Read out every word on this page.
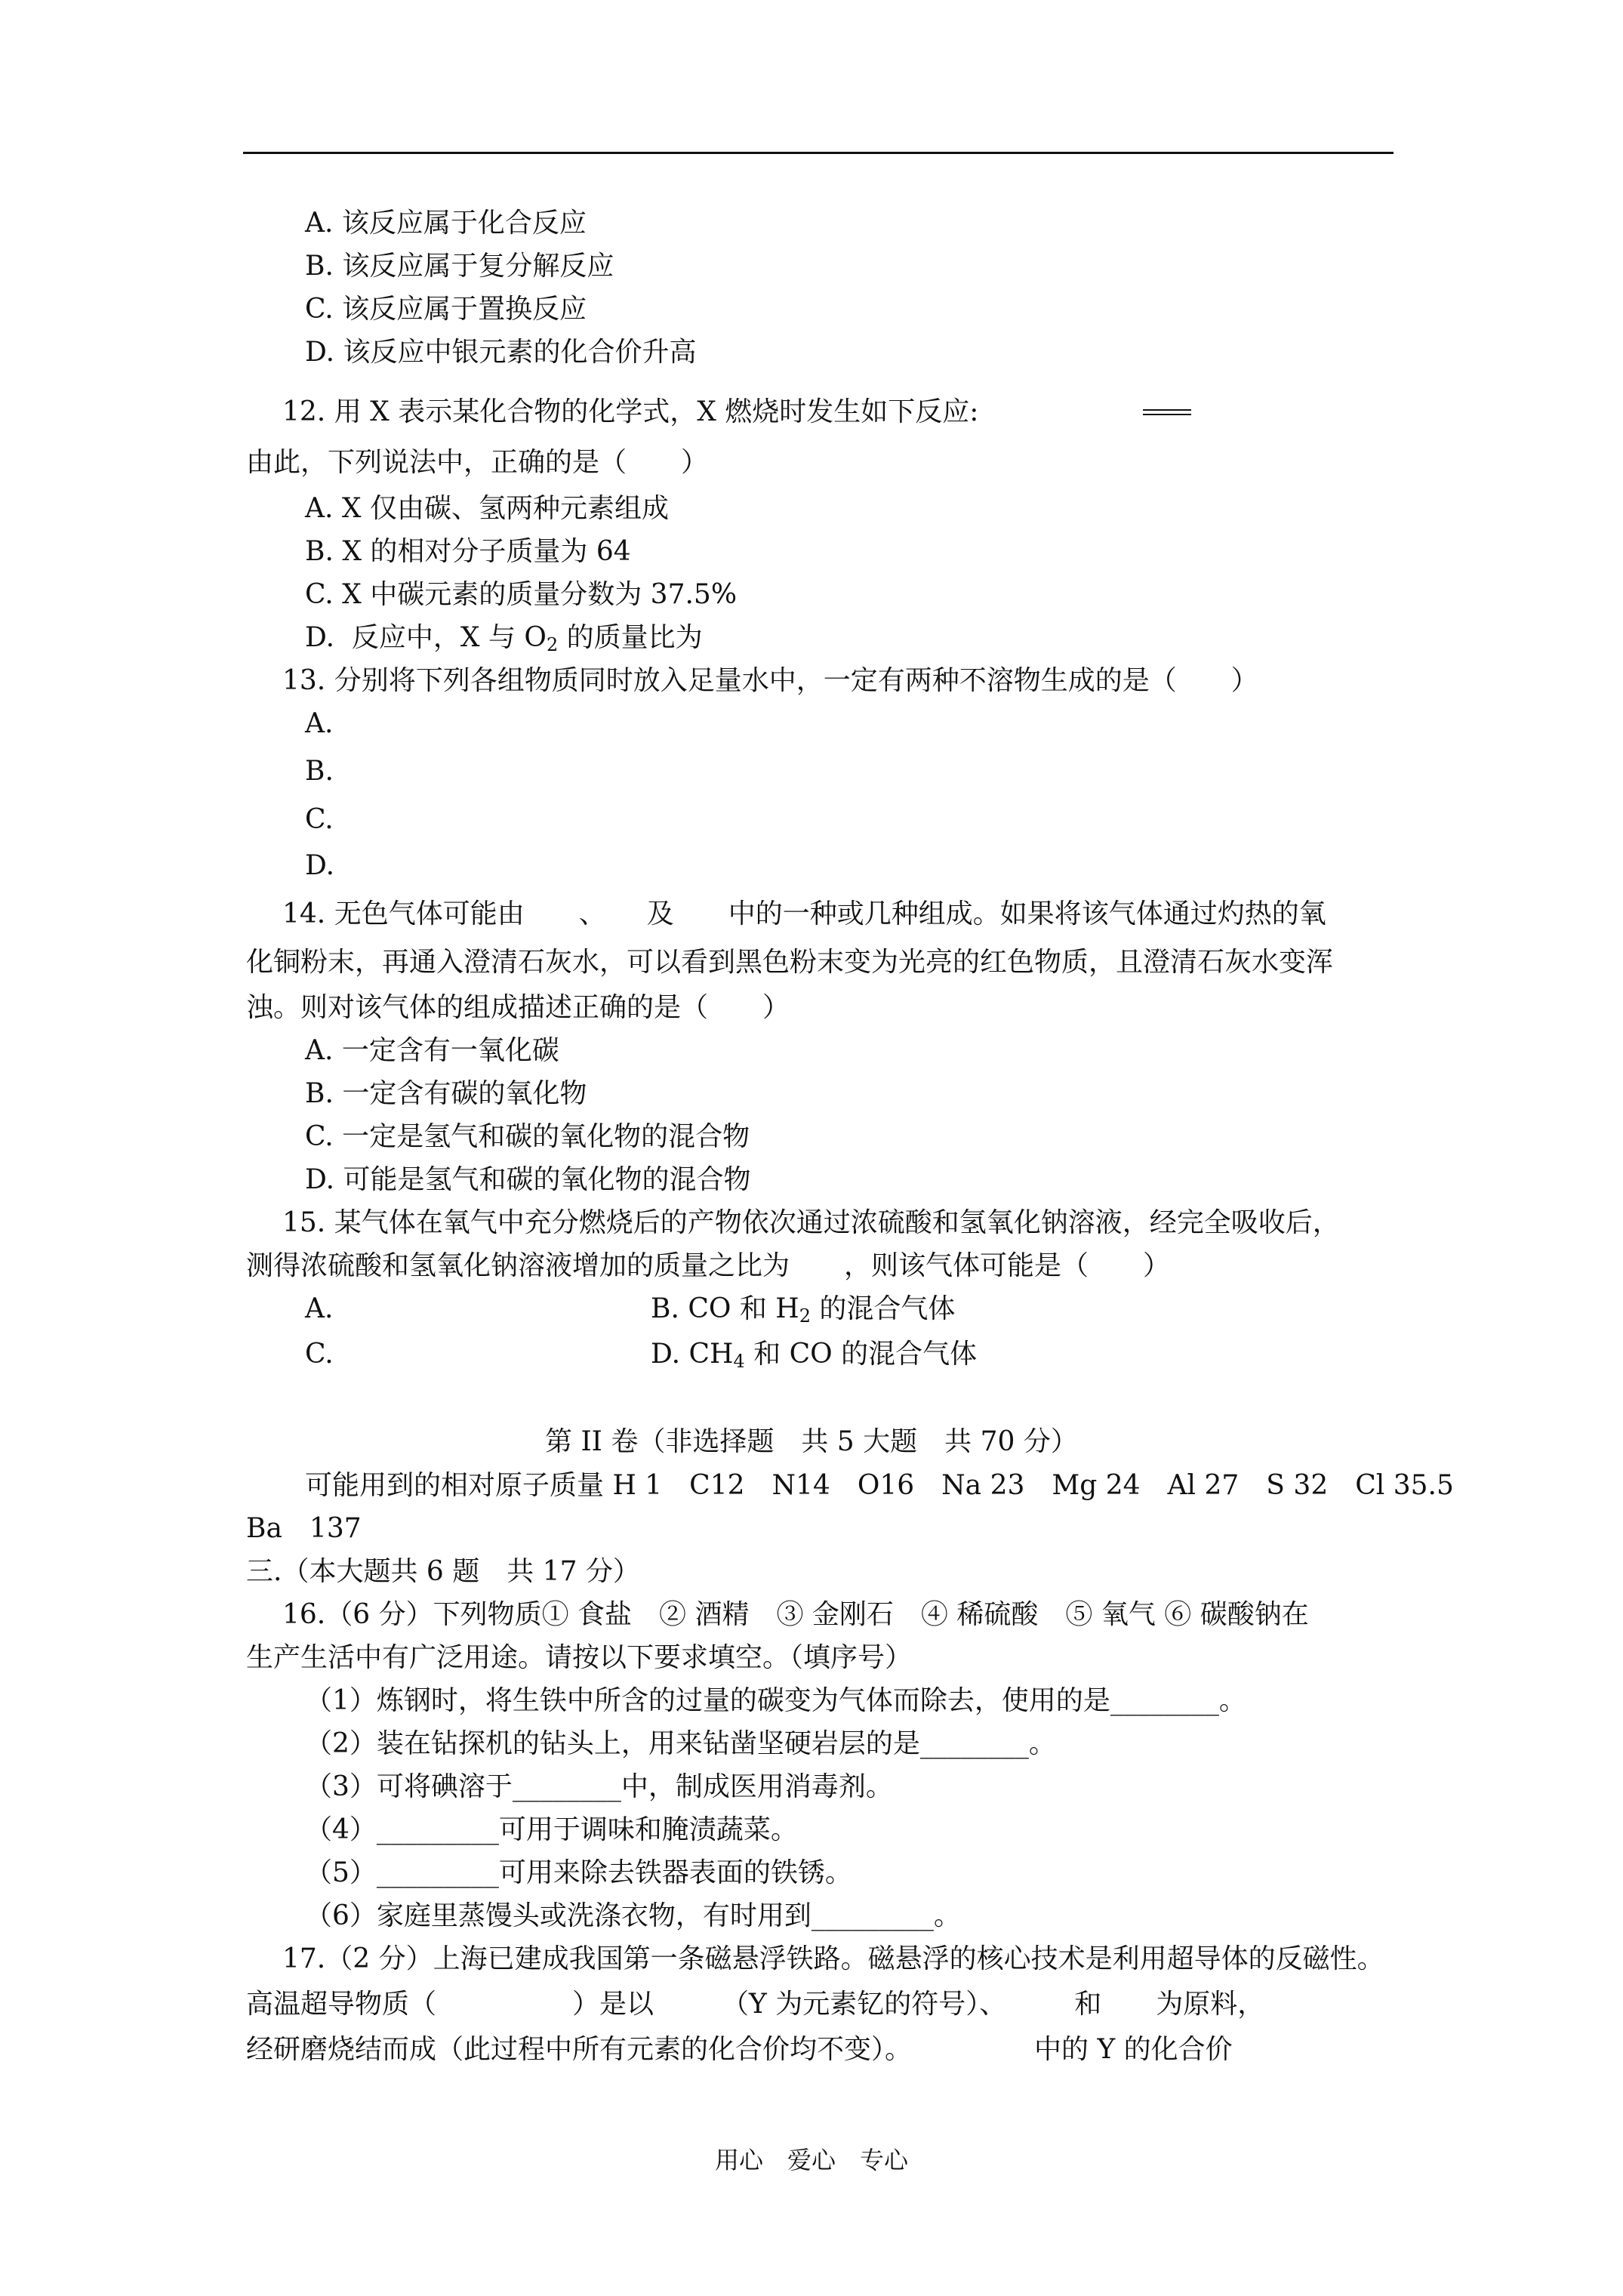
A. 该反应属于化合反应
B. 该反应属于复分解反应
C. 该反应属于置换反应
D. 该反应中银元素的化合价升高
12. 用 X 表示某化合物的化学式，X 燃烧时发生如下反应:
由此，下列说法中，正确的是（　　）
A. X 仅由碳、氢两种元素组成
B. X 的相对分子质量为 64
C. X 中碳元素的质量分数为 37.5%
D.  反应中，X 与 $O_2$ 的质量比为
13. 分别将下列各组物质同时放入足量水中，一定有两种不溶物生成的是（　　）
A.
B.
C.
D.
14. 无色气体可能由　　、　　及　　中的一种或几种组成。如果将该气体通过灼热的氧
化铜粉末，再通入澄清石灰水，可以看到黑色粉末变为光亮的红色物质，且澄清石灰水变浑
浊。则对该气体的组成描述正确的是（　　）
A. 一定含有一氧化碳
B. 一定含有碳的氧化物
C. 一定是氢气和碳的氧化物的混合物
D. 可能是氢气和碳的氧化物的混合物
15. 某气体在氧气中充分燃烧后的产物依次通过浓硫酸和氢氧化钠溶液，经完全吸收后，
测得浓硫酸和氢氧化钠溶液增加的质量之比为　　，则该气体可能是（　　）
A.	B. CO 和 $H_2$ 的混合气体
C.	D. $CH_4$ 和 CO 的混合气体
第 II 卷（非选择题　共 5 大题　共 70 分）
可能用到的相对原子质量 H 1　C12　N14　O16　Na 23　Mg 24　Al 27　S 32　Cl 35.5
Ba　137
三.（本大题共 6 题　共 17 分）
16.（6 分）下列物质① 食盐　② 酒精　③ 金刚石　④ 稀硫酸　⑤ 氧气 ⑥ 碳酸钠在
生产生活中有广泛用途。请按以下要求填空。（填序号）
（1）炼钢时，将生铁中所含的过量的碳变为气体而除去，使用的是________。
（2）装在钻探机的钻头上，用来钻凿坚硬岩层的是________。
（3）可将碘溶于________中，制成医用消毒剂。
（4）_________可用于调味和腌渍蔬菜。
（5）_________可用来除去铁器表面的铁锈。
（6）家庭里蒸馒头或洗涤衣物，有时用到_________。
17.（2 分）上海已建成我国第一条磁悬浮铁路。磁悬浮的核心技术是利用超导体的反磁性。
高温超导物质（　　　　　）是以　　　（Y 为元素钇的符号）、　　　和　　为原料，
经研磨烧结而成（此过程中所有元素的化合价均不变）。　　　　　中的 Y 的化合价
用心　爱心　专心
